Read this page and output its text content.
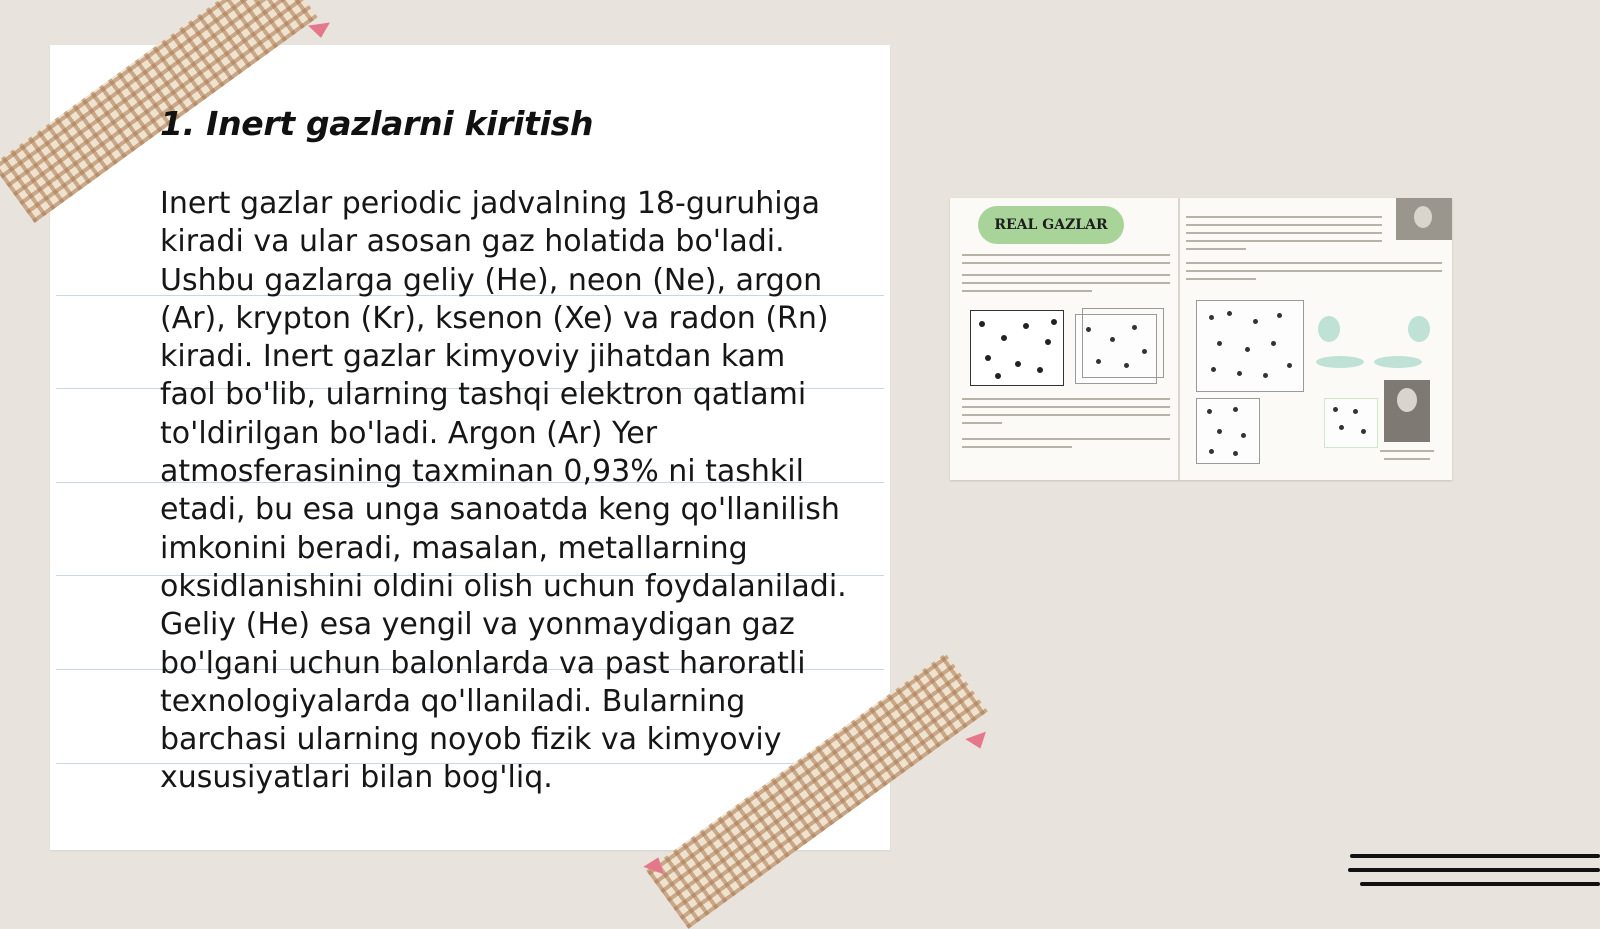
1. Inert gazlarni kiritish

Inert gazlar periodic jadvalning 18-guruhiga kiradi va ular asosan gaz holatida bo'ladi. Ushbu gazlarga geliy (He), neon (Ne), argon (Ar), krypton (Kr), ksenon (Xe) va radon (Rn) kiradi. Inert gazlar kimyoviy jihatdan kam faol bo'lib, ularning tashqi elektron qatlami to'ldirilgan bo'ladi. Argon (Ar) Yer atmosferasining taxminan 0,93% ni tashkil etadi, bu esa unga sanoatda keng qo'llanilish imkonini beradi, masalan, metallarning oksidlanishini oldini olish uchun foydalaniladi. Geliy (He) esa yengil va yonmaydigan gaz bo'lgani uchun balonlarda va past haroratli texnologiyalarda qo'llaniladi. Bularning barchasi ularning noyob fizik va kimyoviy xususiyatlari bilan bog'liq.

REAL GAZLAR
